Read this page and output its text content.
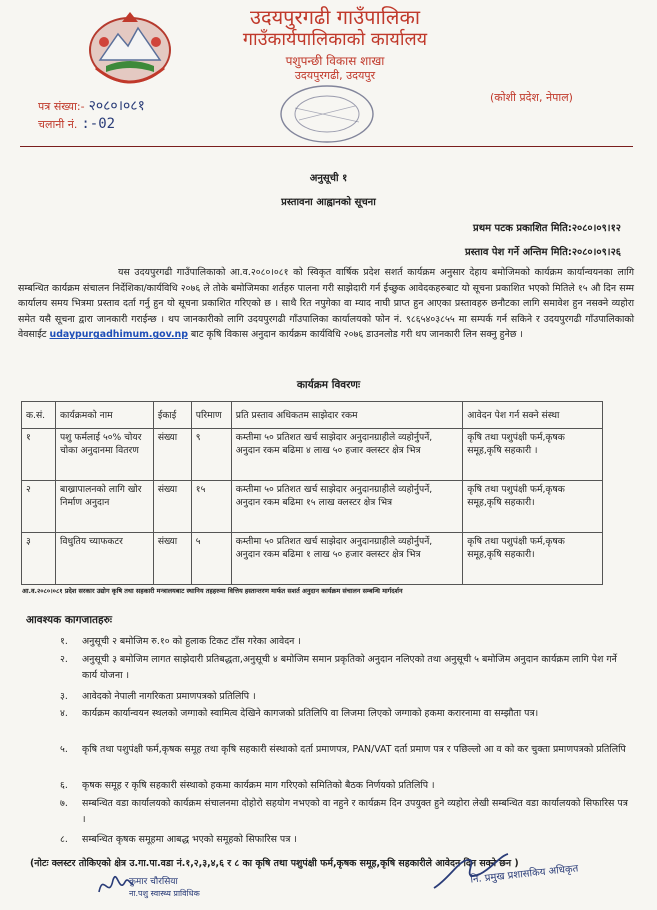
उदयपुरगढी गाउँपालिका
गाउँकार्यपालिकाको कार्यालय
पशुपन्छी विकास शाखा
उदयपुरगढी, उदयपुर
(कोशी प्रदेश, नेपाल)
पत्र संख्या:- २०८०।०८१
चलानी नं. :-02
अनुसूची १
प्रस्तावना आह्वानको सूचना
प्रथम पटक प्रकाशित मिति:२०८०।०९।१२
प्रस्ताव पेश गर्ने अन्तिम मिति:२०८०।०९।२६
यस उदयपुरगढी गाउँपालिकाको आ.व.२०८०।०८१ को स्विकृत वार्षिक प्रदेश सशर्त कार्यक्रम अनुसार देहाय बमोजिमको कार्यक्रम कार्यान्वयनका लागि सम्बन्धित कार्यक्रम संचालन निर्देशिका/कार्यविधि २०७६ ले तोके बमोजिमका शर्तहरु पालना गरी साझेदारी गर्न ईच्छुक आवेदकहरुबाट यो सूचना प्रकाशित भएको मितिले १५ औ दिन सम्म कार्यालय समय भित्रमा प्रस्ताव दर्ता गर्नु हुन यो सूचना प्रकाशित गरिएको छ । साथै रित नपुगेका वा म्याद नाघी प्राप्त हुन आएका प्रस्तावहरु छनौटका लागि समावेश हुन नसक्ने व्यहोरा समेत यसै सूचना द्वारा जानकारी गराईन्छ । थप जानकारीको लागि उदयपुरगढी गाँउपालिका कार्यालयको फोन नं. ९८६५४०३८५५ मा सम्पर्क गर्न सकिने र उदयपुरगढी गाँउपालिकाको वेवसाईट udaypurgadhimum.gov.np बाट कृषि विकास अनुदान कार्यक्रम कार्यविधि २०७६ डाउनलोड गरी थप जानकारी लिन सक्नु हुनेछ ।
कार्यक्रम विवरणः
क.सं.	कार्यक्रमको नाम	ईकाई	परिमाण	प्रति प्रस्ताव अधिकतम साझेदार रकम	आवेदन पेश गर्न सक्ने संस्था
१	पशु फर्मलाई ५०% चोयर चोका अनुदानमा वितरण	संख्या	९	कम्तीमा ५० प्रतिशत खर्च साझेदार अनुदानग्राहीले व्यहोर्नुपर्ने, अनुदान रकम बढिमा ४ लाख ५० हजार क्लस्टर क्षेत्र भित्र	कृषि तथा पशुपंक्षी फर्म,कृषक समूह,कृषि सहकारी ।
२	बाख्रापालनको लागि खोर निर्माण अनुदान	संख्या	१५	कम्तीमा ५० प्रतिशत खर्च साझेदार अनुदानग्राहीले व्यहोर्नुपर्ने, अनुदान रकम बढिमा १५ लाख क्लस्टर क्षेत्र भित्र	कृषि तथा पशुपंक्षी फर्म,कृषक समूह,कृषि सहकारी।
३	विधुतिय च्याफकटर	संख्या	५	कम्तीमा ५० प्रतिशत खर्च साझेदार अनुदानग्राहीले व्यहोर्नुपर्ने, अनुदान रकम बढिमा १ लाख ५० हजार क्लस्टर क्षेत्र भित्र	कृषि तथा पशुपंक्षी फर्म,कृषक समूह,कृषि सहकारी।
आ.व.२०८०।०८१ प्रदेश सरकार उद्योग कृषि तथा सहकारी मन्त्रालयबाट स्थानिय तहहरुमा वित्तिय हस्तान्तरण मार्फत सशर्त अनुदान कार्यक्रम संचालन सम्बन्धि मार्गदर्शन
आवश्यक कागजातहरुः
१.	अनुसूची २ बमोजिम रु.१० को हुलाक टिकट टाँस गरेका आवेदन ।
२.	अनुसूची ३ बमोजिम लागत साझेदारी प्रतिबद्धता,अनुसूची ४ बमोजिम समान प्रकृतिको अनुदान नलिएको तथा अनुसूची ५ बमोजिम अनुदान कार्यक्रम लागि पेश गर्ने कार्य योजना ।
३.	आवेदको नेपाली नागरिकता प्रमाणपत्रको प्रतिलिपि ।
४.	कार्यक्रम कार्यान्वयन स्थलको जग्गाको स्वामित्व देखिने कागजको प्रतिलिपि वा लिजमा लिएको जग्गाको हकमा करारनामा वा सम्झौता पत्र।
५.	कृषि तथा पशुपंक्षी फर्म,कृषक समूह तथा कृषि सहकारी संस्थाको दर्ता प्रमाणपत्र, PAN/VAT दर्ता प्रमाण पत्र र पछिल्लो आ व को कर चुक्ता प्रमाणपत्रको प्रतिलिपि
६.	कृषक समूह र कृषि सहकारी संस्थाको हकमा कार्यक्रम माग गरिएको समितिको बैठक निर्णयको प्रतिलिपि ।
७.	सम्बन्धित वडा कार्यालयको कार्यक्रम संचालनमा दोहोरो सहयोग नभएको वा नहुने र कार्यक्रम दिन उपयुक्त हुने व्यहोरा लेखी सम्बन्धित वडा कार्यालयको सिफारिस पत्र ।
८.	सम्बन्धित कृषक समूहमा आबद्ध भएको समूहको सिफारिस पत्र ।
(नोटः क्लस्टर तोकिएको क्षेत्र उ.गा.पा.वडा नं.१,२,३,४,६ र ८ का कृषि तथा पशुपंक्षी फर्म,कृषक समूह,कृषि सहकारीले आवेदन दिन सक्ने छन )
कुमार चौरसिया
ना.पशु स्वास्थ्य प्राविधिक
नि. प्रमुख प्रशासकिय अधिकृत
